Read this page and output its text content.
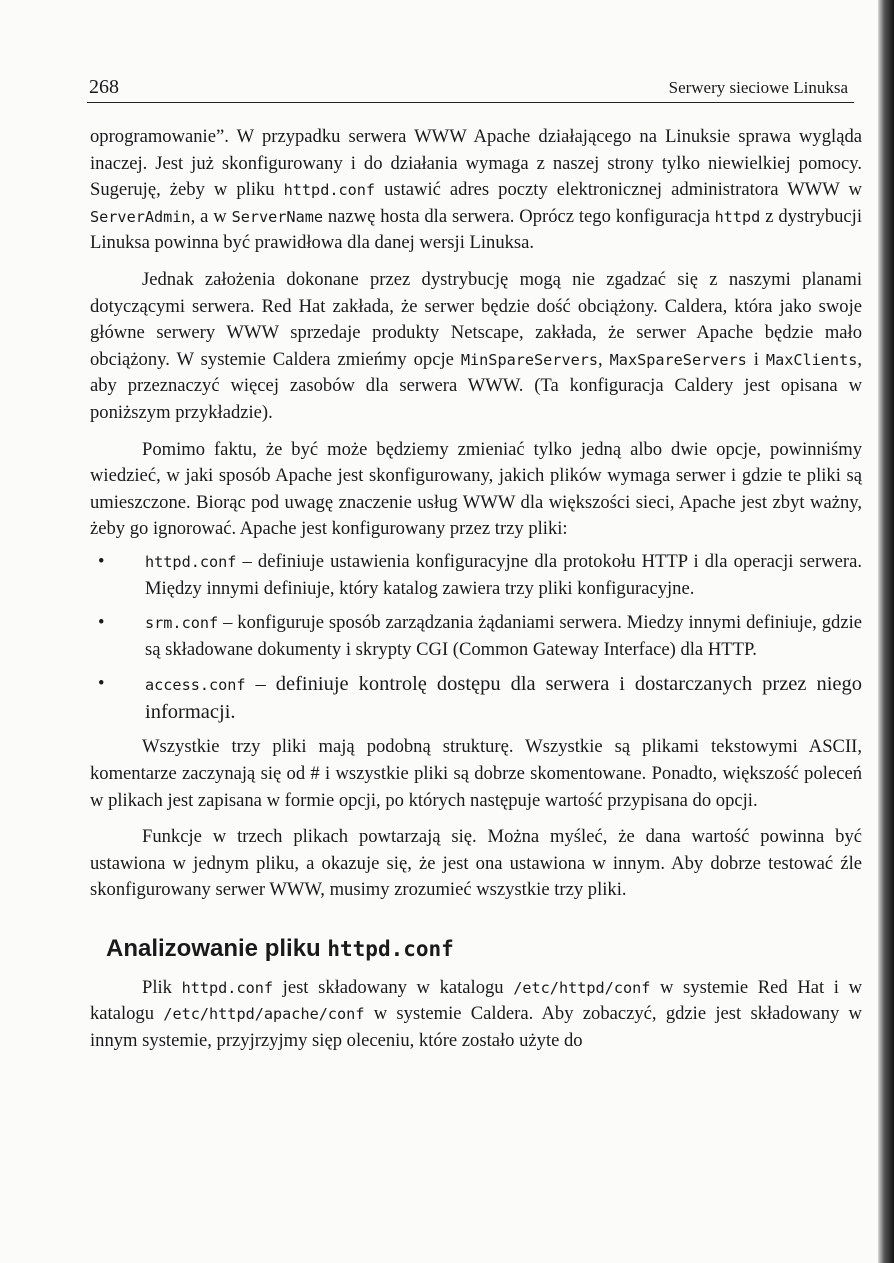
268	Serwery sieciowe Linuksa

oprogramowanie”. W przypadku serwera WWW Apache działającego na Linuksie sprawa wygląda inaczej. Jest już skonfigurowany i do działania wymaga z naszej strony tylko niewielkiej pomocy. Sugeruję, żeby w pliku httpd.conf ustawić adres poczty elektronicznej administratora WWW w ServerAdmin, a w ServerName nazwę hosta dla serwera. Oprócz tego konfiguracja httpd z dystrybucji Linuksa powinna być prawidłowa dla danej wersji Linuksa.

Jednak założenia dokonane przez dystrybucję mogą nie zgadzać się z naszymi planami dotyczącymi serwera. Red Hat zakłada, że serwer będzie dość obciążony. Caldera, która jako swoje główne serwery WWW sprzedaje produkty Netscape, zakłada, że serwer Apache będzie mało obciążony. W systemie Caldera zmieńmy opcje MinSpareServers, MaxSpareServers i MaxClients, aby przeznaczyć więcej zasobów dla serwera WWW. (Ta konfiguracja Caldery jest opisana w poniższym przykładzie).

Pomimo faktu, że być może będziemy zmieniać tylko jedną albo dwie opcje, powinniśmy wiedzieć, w jaki sposób Apache jest skonfigurowany, jakich plików wymaga serwer i gdzie te pliki są umieszczone. Biorąc pod uwagę znaczenie usług WWW dla większości sieci, Apache jest zbyt ważny, żeby go ignorować. Apache jest konfigurowany przez trzy pliki:

•	httpd.conf – definiuje ustawienia konfiguracyjne dla protokołu HTTP i dla operacji serwera. Między innymi definiuje, który katalog zawiera trzy pliki konfiguracyjne.
•	srm.conf – konfiguruje sposób zarządzania żądaniami serwera. Miedzy innymi definiuje, gdzie są składowane dokumenty i skrypty CGI (Common Gateway Interface) dla HTTP.
•	access.conf – definiuje kontrolę dostępu dla serwera i dostarczanych przez niego informacji.

Wszystkie trzy pliki mają podobną strukturę. Wszystkie są plikami tekstowymi ASCII, komentarze zaczynają się od # i wszystkie pliki są dobrze skomentowane. Ponadto, większość poleceń w plikach jest zapisana w formie opcji, po których następuje wartość przypisana do opcji.

Funkcje w trzech plikach powtarzają się. Można myśleć, że dana wartość powinna być ustawiona w jednym pliku, a okazuje się, że jest ona ustawiona w innym. Aby dobrze testować źle skonfigurowany serwer WWW, musimy zrozumieć wszystkie trzy pliki.

Analizowanie pliku httpd.conf

Plik httpd.conf jest składowany w katalogu /etc/httpd/conf w systemie Red Hat i w katalogu /etc/httpd/apache/conf w systemie Caldera. Aby zobaczyć, gdzie jest składowany w innym systemie, przyjrzyjmy sięp oleceniu, które zostało użyte do
